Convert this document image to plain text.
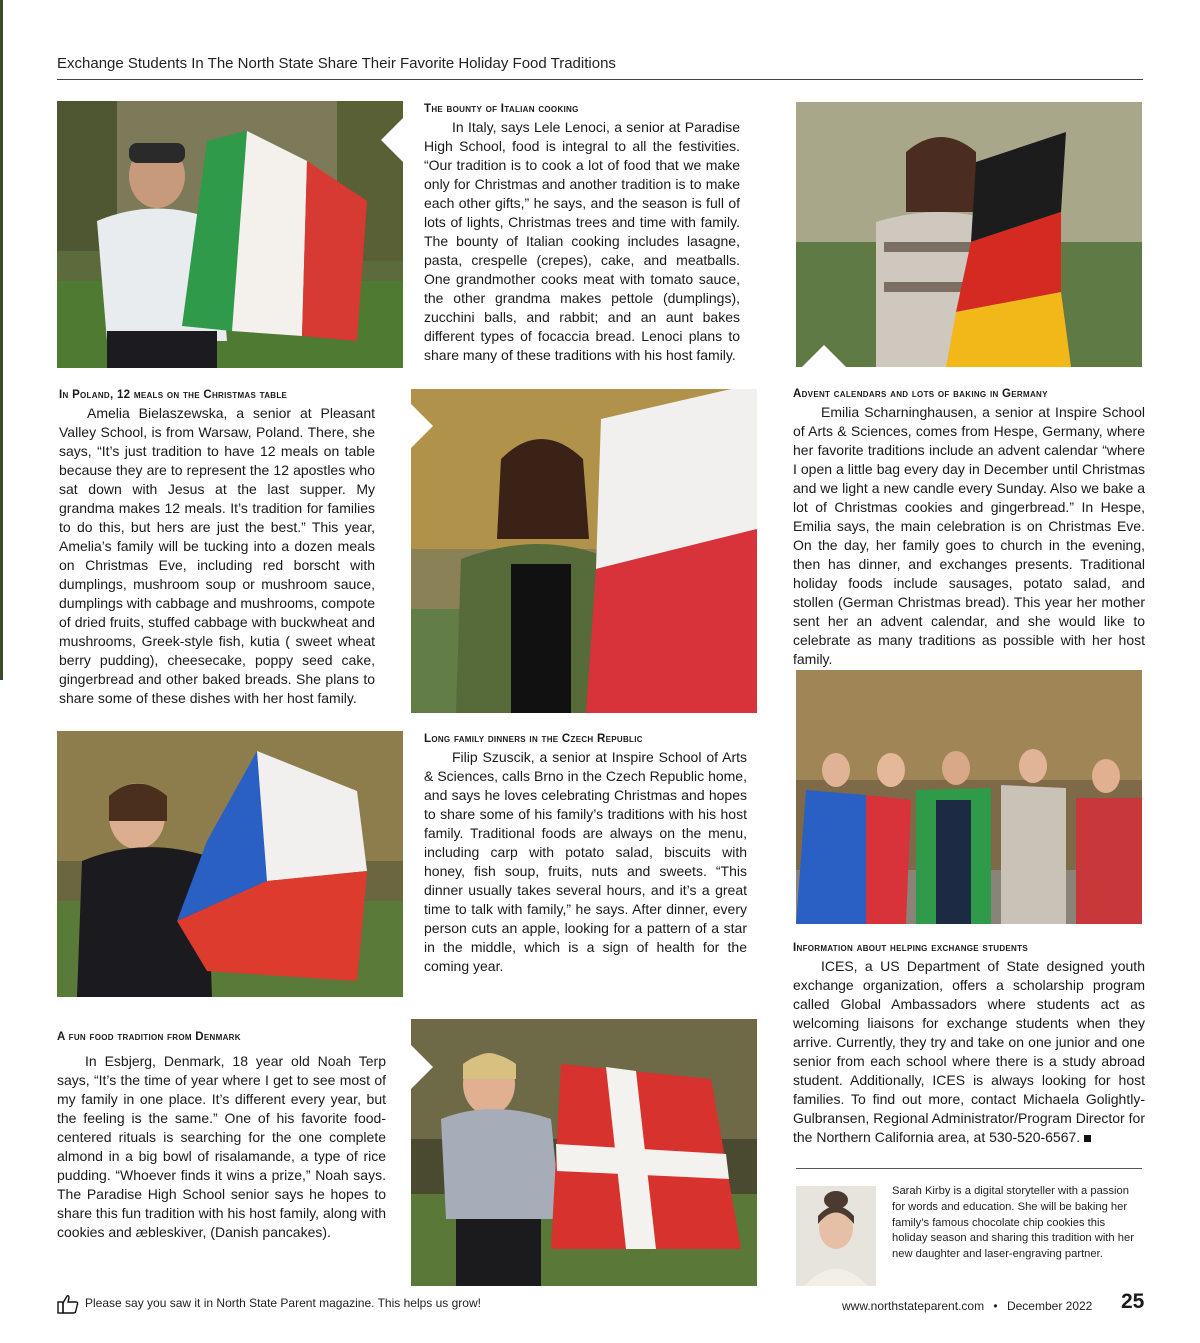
Exchange Students In The North State Share Their Favorite Holiday Food Traditions
The bounty of Italian cooking

In Italy, says Lele Lenoci, a senior at Paradise High School, food is integral to all the festivities. “Our tradition is to cook a lot of food that we make only for Christmas and another tradition is to make each other gifts,” he says, and the season is full of lots of lights, Christmas trees and time with family. The bounty of Italian cooking includes lasagne, pasta, crespelle (crepes), cake, and meatballs. One grandmother cooks meat with tomato sauce, the other grandma makes pettole (dumplings), zucchini balls, and rabbit; and an aunt bakes different types of focaccia bread. Lenoci plans to share many of these traditions with his host family.

In Poland, 12 meals on the Christmas table

Amelia Bielaszewska, a senior at Pleasant Valley School, is from Warsaw, Poland. There, she says, “It’s just tradition to have 12 meals on table because they are to represent the 12 apostles who sat down with Jesus at the last supper. My grandma makes 12 meals. It’s tradition for families to do this, but hers are just the best.” This year, Amelia’s family will be tucking into a dozen meals on Christmas Eve, including red borscht with dumplings, mushroom soup or mushroom sauce, dumplings with cabbage and mushrooms, compote of dried fruits, stuffed cabbage with buckwheat and mushrooms, Greek-style fish, kutia ( sweet wheat berry pudding), cheesecake, poppy seed cake, gingerbread and other baked breads. She plans to share some of these dishes with her host family.

Advent calendars and lots of baking in Germany

Emilia Scharninghausen, a senior at Inspire School of Arts & Sciences, comes from Hespe, Germany, where her favorite traditions include an advent calendar “where I open a little bag every day in December until Christmas and we light a new candle every Sunday. Also we bake a lot of Christmas cookies and gingerbread.” In Hespe, Emilia says, the main celebration is on Christmas Eve. On the day, her family goes to church in the evening, then has dinner, and exchanges presents. Traditional holiday foods include sausages, potato salad, and stollen (German Christmas bread). This year her mother sent her an advent calendar, and she would like to celebrate as many traditions as possible with her host family.

Long family dinners in the Czech Republic

Filip Szuscik, a senior at Inspire School of Arts & Sciences, calls Brno in the Czech Republic home, and says he loves celebrating Christmas and hopes to share some of his family’s traditions with his host family. Traditional foods are always on the menu, including carp with potato salad, biscuits with honey, fish soup, fruits, nuts and sweets. “This dinner usually takes several hours, and it’s a great time to talk with family,” he says. After dinner, every person cuts an apple, looking for a pattern of a star in the middle, which is a sign of health for the coming year.

Information about helping exchange students

ICES, a US Department of State designed youth exchange organization, offers a scholarship program called Global Ambassadors where students act as welcoming liaisons for exchange students when they arrive. Currently, they try and take on one junior and one senior from each school where there is a study abroad student. Additionally, ICES is always looking for host families. To find out more, contact Michaela Golightly-Gulbransen, Regional Administrator/Program Director for the Northern California area, at 530-520-6567.

A fun food tradition from Denmark

In Esbjerg, Denmark, 18 year old Noah Terp says, “It’s the time of year where I get to see most of my family in one place. It’s different every year, but the feeling is the same.” One of his favorite food-centered rituals is searching for the one complete almond in a big bowl of risalamande, a type of rice pudding. “Whoever finds it wins a prize,” Noah says. The Paradise High School senior says he hopes to share this fun tradition with his host family, along with cookies and æbleskiver, (Danish pancakes).

Sarah Kirby is a digital storyteller with a passion for words and education. She will be baking her family’s famous chocolate chip cookies this holiday season and sharing this tradition with her new daughter and laser-engraving partner.
Please say you saw it in North State Parent magazine. This helps us grow!	www.northstateparent.com • December 2022 25
